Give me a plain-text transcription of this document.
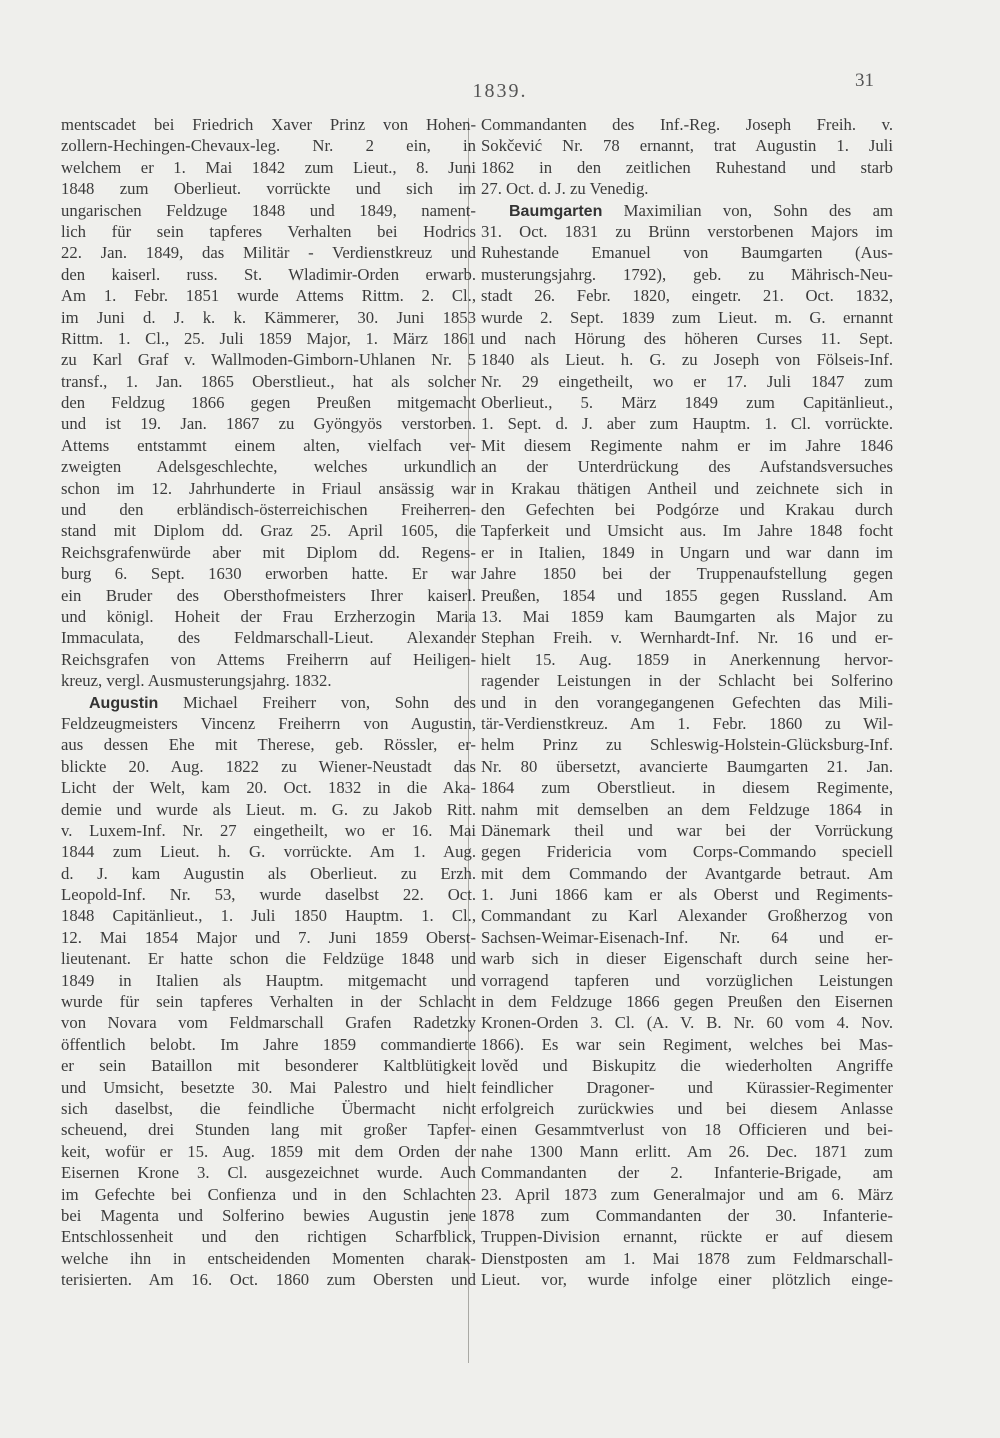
1839.	31
mentscadet bei Friedrich Xaver Prinz von Hohen-
zollern-Hechingen-Chevaux-leg. Nr. 2 ein, in
welchem er 1. Mai 1842 zum Lieut., 8. Juni
1848 zum Oberlieut. vorrückte und sich im
ungarischen Feldzuge 1848 und 1849, nament-
lich für sein tapferes Verhalten bei Hodrics
22. Jan. 1849, das Militär - Verdienstkreuz und
den kaiserl. russ. St. Wladimir-Orden erwarb.
Am 1. Febr. 1851 wurde Attems Rittm. 2. Cl.,
im Juni d. J. k. k. Kämmerer, 30. Juni 1853
Rittm. 1. Cl., 25. Juli 1859 Major, 1. März 1861
zu Karl Graf v. Wallmoden-Gimborn-Uhlanen Nr. 5
transf., 1. Jan. 1865 Oberstlieut., hat als solcher
den Feldzug 1866 gegen Preußen mitgemacht
und ist 19. Jan. 1867 zu Gyöngyös verstorben.
Attems entstammt einem alten, vielfach ver-
zweigten Adelsgeschlechte, welches urkundlich
schon im 12. Jahrhunderte in Friaul ansässig war
und den erbländisch-österreichischen Freiherren-
stand mit Diplom dd. Graz 25. April 1605, die
Reichsgrafenwürde aber mit Diplom dd. Regens-
burg 6. Sept. 1630 erworben hatte. Er war
ein Bruder des Obersthofmeisters Ihrer kaiserl.
und königl. Hoheit der Frau Erzherzogin Maria
Immaculata, des Feldmarschall-Lieut. Alexander
Reichsgrafen von Attems Freiherrn auf Heiligen-
kreuz, vergl. Ausmusterungsjahrg. 1832.
Augustin Michael Freiherr von, Sohn des
Feldzeugmeisters Vincenz Freiherrn von Augustin,
aus dessen Ehe mit Therese, geb. Rössler, er-
blickte 20. Aug. 1822 zu Wiener-Neustadt das
Licht der Welt, kam 20. Oct. 1832 in die Aka-
demie und wurde als Lieut. m. G. zu Jakob Ritt.
v. Luxem-Inf. Nr. 27 eingetheilt, wo er 16. Mai
1844 zum Lieut. h. G. vorrückte. Am 1. Aug.
d. J. kam Augustin als Oberlieut. zu Erzh.
Leopold-Inf. Nr. 53, wurde daselbst 22. Oct.
1848 Capitänlieut., 1. Juli 1850 Hauptm. 1. Cl.,
12. Mai 1854 Major und 7. Juni 1859 Oberst-
lieutenant. Er hatte schon die Feldzüge 1848 und
1849 in Italien als Hauptm. mitgemacht und
wurde für sein tapferes Verhalten in der Schlacht
von Novara vom Feldmarschall Grafen Radetzky
öffentlich belobt. Im Jahre 1859 commandierte
er sein Bataillon mit besonderer Kaltblütigkeit
und Umsicht, besetzte 30. Mai Palestro und hielt
sich daselbst, die feindliche Übermacht nicht
scheuend, drei Stunden lang mit großer Tapfer-
keit, wofür er 15. Aug. 1859 mit dem Orden der
Eisernen Krone 3. Cl. ausgezeichnet wurde. Auch
im Gefechte bei Confienza und in den Schlachten
bei Magenta und Solferino bewies Augustin jene
Entschlossenheit und den richtigen Scharfblick,
welche ihn in entscheidenden Momenten charak-
terisierten. Am 16. Oct. 1860 zum Obersten und
Commandanten des Inf.-Reg. Joseph Freih. v.
Sokčević Nr. 78 ernannt, trat Augustin 1. Juli
1862 in den zeitlichen Ruhestand und starb
27. Oct. d. J. zu Venedig.
Baumgarten Maximilian von, Sohn des am
31. Oct. 1831 zu Brünn verstorbenen Majors im
Ruhestande Emanuel von Baumgarten (Aus-
musterungsjahrg. 1792), geb. zu Mährisch-Neu-
stadt 26. Febr. 1820, eingetr. 21. Oct. 1832,
wurde 2. Sept. 1839 zum Lieut. m. G. ernannt
und nach Hörung des höheren Curses 11. Sept.
1840 als Lieut. h. G. zu Joseph von Fölseis-Inf.
Nr. 29 eingetheilt, wo er 17. Juli 1847 zum
Oberlieut., 5. März 1849 zum Capitänlieut.,
1. Sept. d. J. aber zum Hauptm. 1. Cl. vorrückte.
Mit diesem Regimente nahm er im Jahre 1846
an der Unterdrückung des Aufstandsversuches
in Krakau thätigen Antheil und zeichnete sich in
den Gefechten bei Podgórze und Krakau durch
Tapferkeit und Umsicht aus. Im Jahre 1848 focht
er in Italien, 1849 in Ungarn und war dann im
Jahre 1850 bei der Truppenaufstellung gegen
Preußen, 1854 und 1855 gegen Russland. Am
13. Mai 1859 kam Baumgarten als Major zu
Stephan Freih. v. Wernhardt-Inf. Nr. 16 und er-
hielt 15. Aug. 1859 in Anerkennung hervor-
ragender Leistungen in der Schlacht bei Solferino
und in den vorangegangenen Gefechten das Mili-
tär-Verdienstkreuz. Am 1. Febr. 1860 zu Wil-
helm Prinz zu Schleswig-Holstein-Glücksburg-Inf.
Nr. 80 übersetzt, avancierte Baumgarten 21. Jan.
1864 zum Oberstlieut. in diesem Regimente,
nahm mit demselben an dem Feldzuge 1864 in
Dänemark theil und war bei der Vorrückung
gegen Fridericia vom Corps-Commando speciell
mit dem Commando der Avantgarde betraut. Am
1. Juni 1866 kam er als Oberst und Regiments-
Commandant zu Karl Alexander Großherzog von
Sachsen-Weimar-Eisenach-Inf. Nr. 64 und er-
warb sich in dieser Eigenschaft durch seine her-
vorragend tapferen und vorzüglichen Leistungen
in dem Feldzuge 1866 gegen Preußen den Eisernen
Kronen-Orden 3. Cl. (A. V. B. Nr. 60 vom 4. Nov.
1866). Es war sein Regiment, welches bei Mas-
lověd und Biskupitz die wiederholten Angriffe
feindlicher Dragoner- und Kürassier-Regimenter
erfolgreich zurückwies und bei diesem Anlasse
einen Gesammtverlust von 18 Officieren und bei-
nahe 1300 Mann erlitt. Am 26. Dec. 1871 zum
Commandanten der 2. Infanterie-Brigade, am
23. April 1873 zum Generalmajor und am 6. März
1878 zum Commandanten der 30. Infanterie-
Truppen-Division ernannt, rückte er auf diesem
Dienstposten am 1. Mai 1878 zum Feldmarschall-
Lieut. vor, wurde infolge einer plötzlich einge-
